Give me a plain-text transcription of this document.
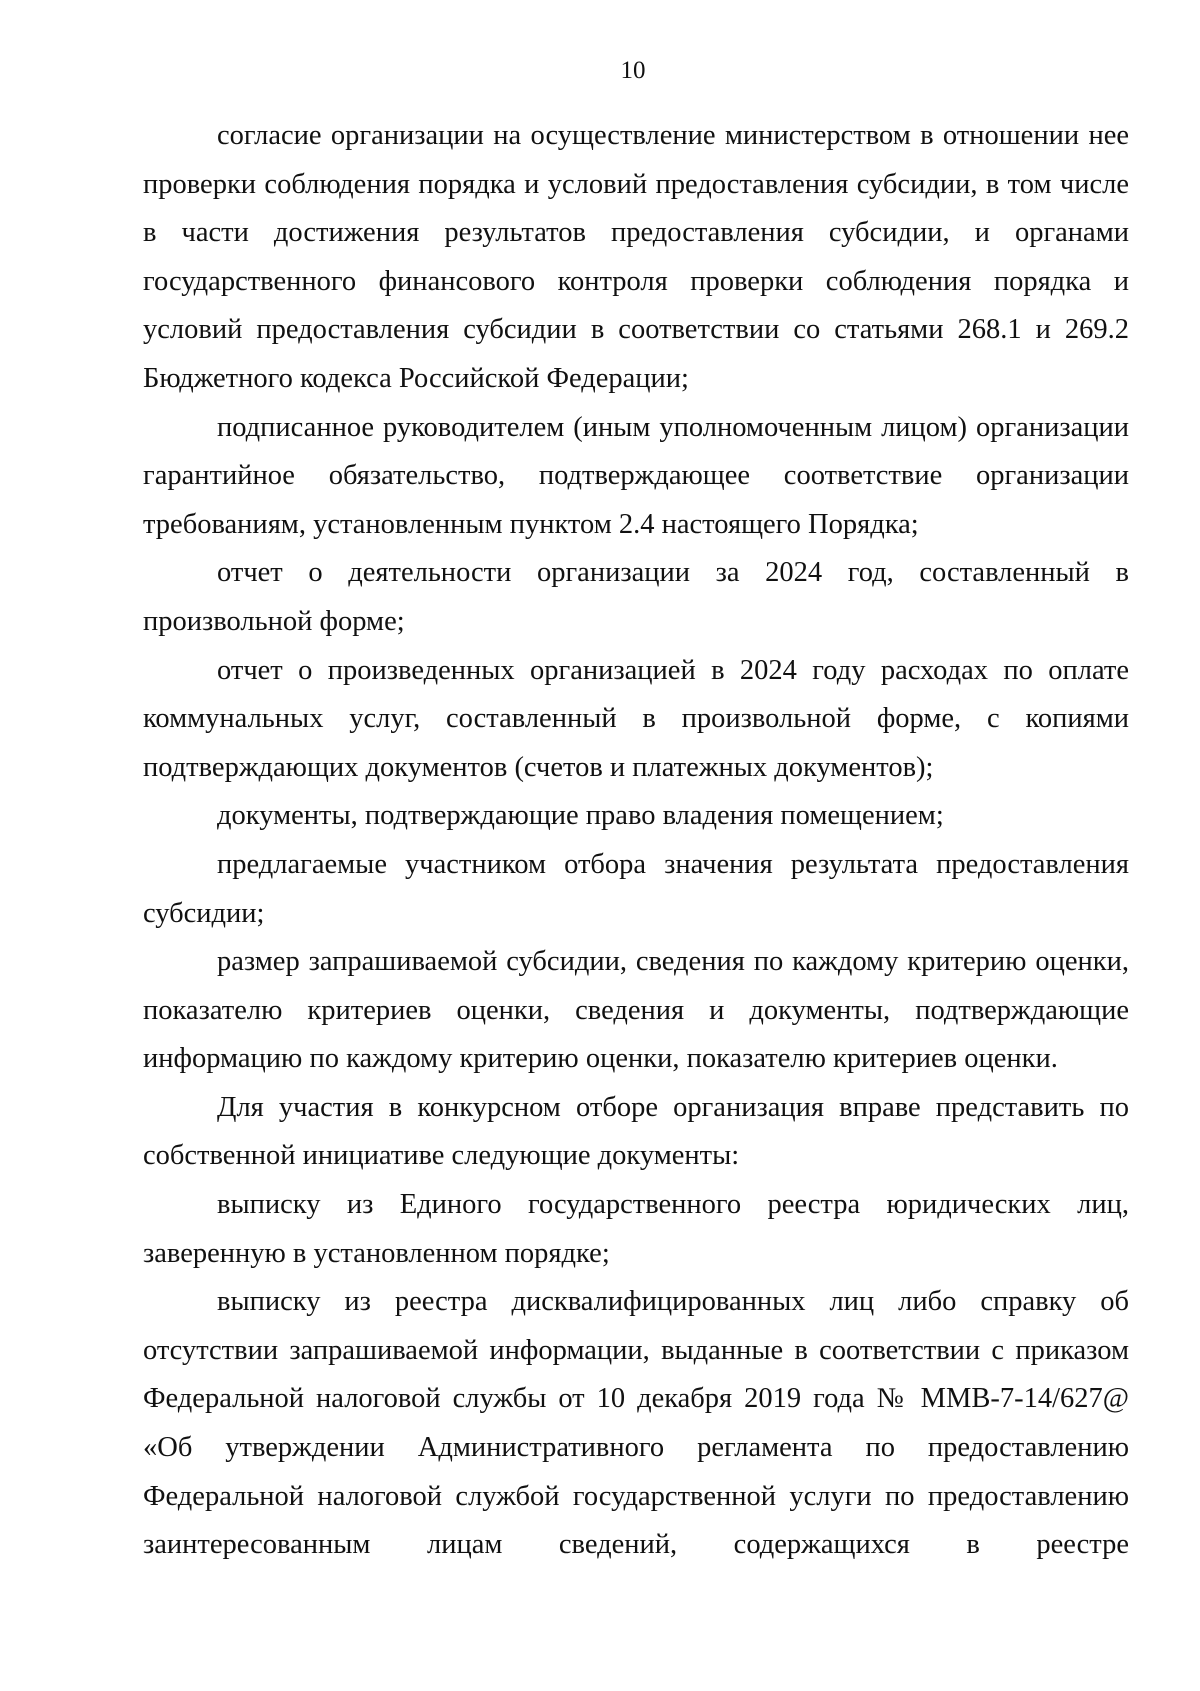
10

согласие организации на осуществление министерством в отношении нее проверки соблюдения порядка и условий предоставления субсидии, в том числе в части достижения результатов предоставления субсидии, и органами государственного финансового контроля проверки соблюдения порядка и условий предоставления субсидии в соответствии со статьями 268.1 и 269.2 Бюджетного кодекса Российской Федерации;

подписанное руководителем (иным уполномоченным лицом) организации гарантийное обязательство, подтверждающее соответствие организации требованиям, установленным пунктом 2.4 настоящего Порядка;

отчет о деятельности организации за 2024 год, составленный в произвольной форме;

отчет о произведенных организацией в 2024 году расходах по оплате коммунальных услуг, составленный в произвольной форме, с копиями подтверждающих документов (счетов и платежных документов);

документы, подтверждающие право владения помещением;

предлагаемые участником отбора значения результата предоставления субсидии;

размер запрашиваемой субсидии, сведения по каждому критерию оценки, показателю критериев оценки, сведения и документы, подтверждающие информацию по каждому критерию оценки, показателю критериев оценки.

Для участия в конкурсном отборе организация вправе представить по собственной инициативе следующие документы:

выписку из Единого государственного реестра юридических лиц, заверенную в установленном порядке;

выписку из реестра дисквалифицированных лиц либо справку об отсутствии запрашиваемой информации, выданные в соответствии с приказом Федеральной налоговой службы от 10 декабря 2019 года № ММВ-7-14/627@ «Об утверждении Административного регламента по предоставлению Федеральной налоговой службой государственной услуги по предоставлению заинтересованным лицам сведений, содержащихся в реестре
